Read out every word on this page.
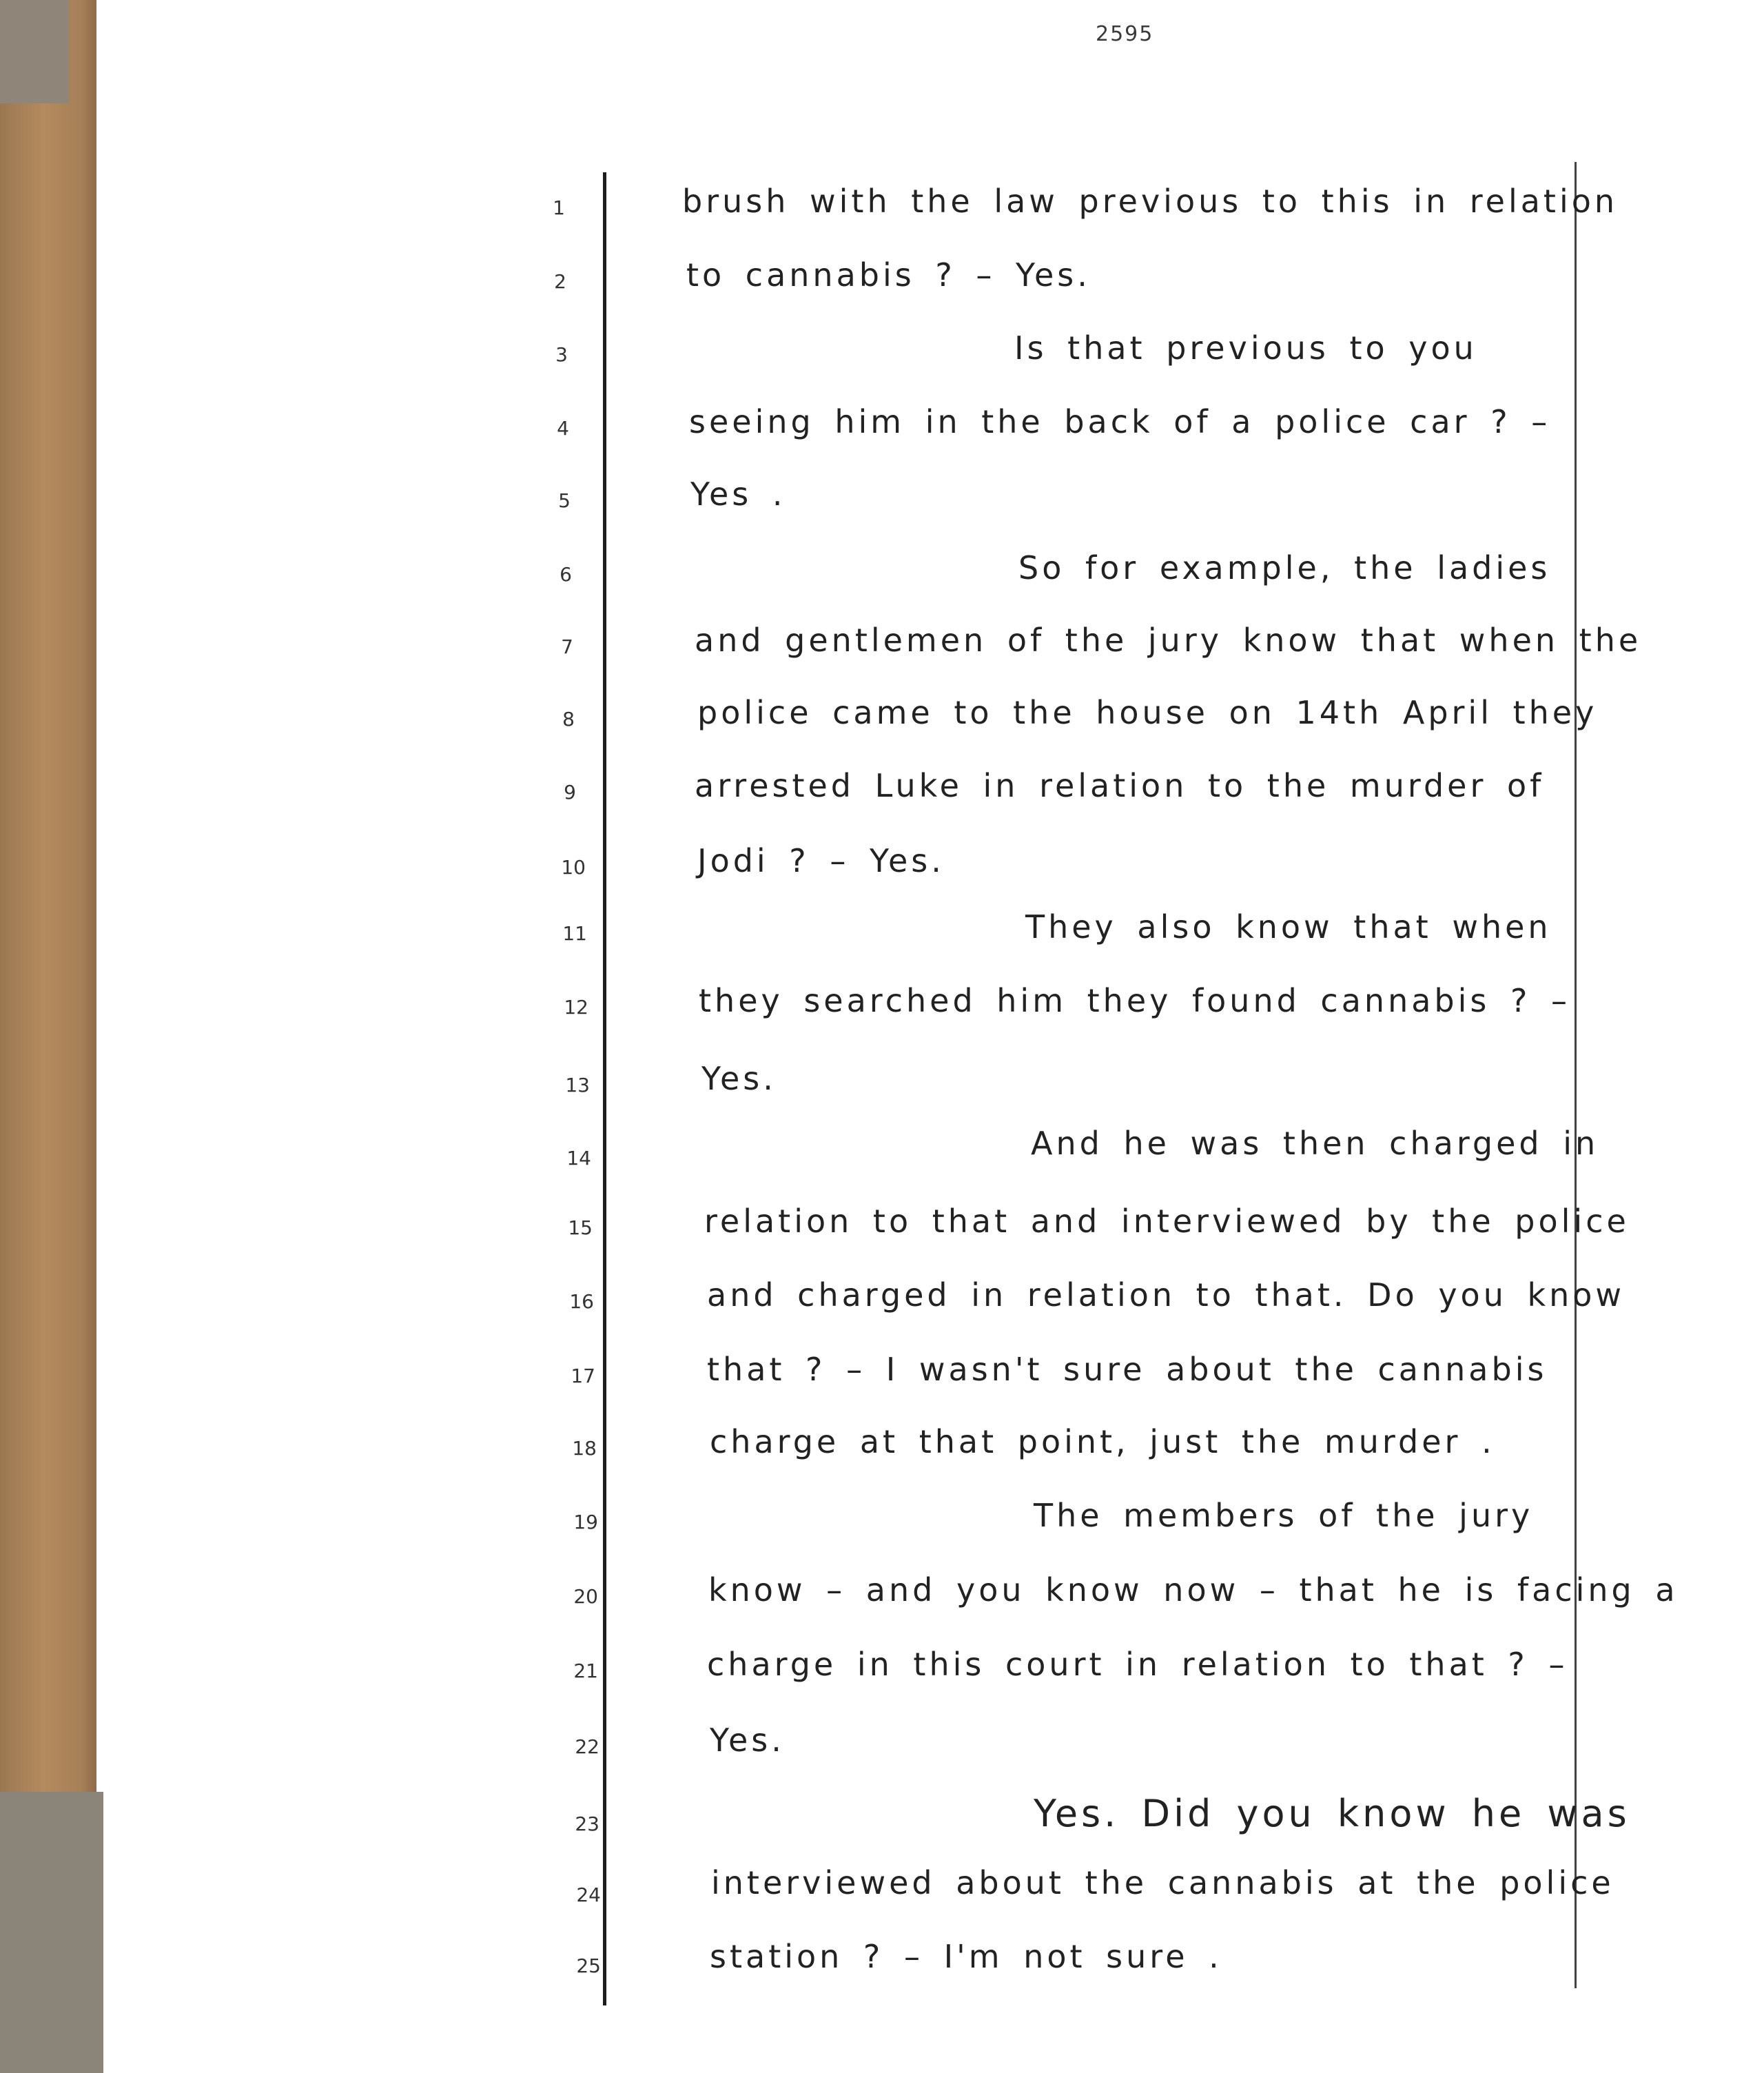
2595
1	brush with the law previous to this in relation
2	to cannabis ? – Yes.
3	Is that previous to you
4	seeing him in the back of a police car ? –
5	Yes .
6	So for example, the ladies
7	and gentlemen of the jury know that when the
8	police came to the house on 14th April they
9	arrested Luke in relation to the murder of
10	Jodi ? – Yes.
11	They also know that when
12	they searched him they found cannabis ? –
13	Yes.
14	And he was then charged in
15	relation to that and interviewed by the police
16	and charged in relation to that. Do you know
17	that ? – I wasn't sure about the cannabis
18	charge at that point, just the murder .
19	The members of the jury
20	know – and you know now – that he is facing a
21	charge in this court in relation to that ? –
22	Yes.
23	Yes. Did you know he was
24	interviewed about the cannabis at the police
25	station ? – I'm not sure .
